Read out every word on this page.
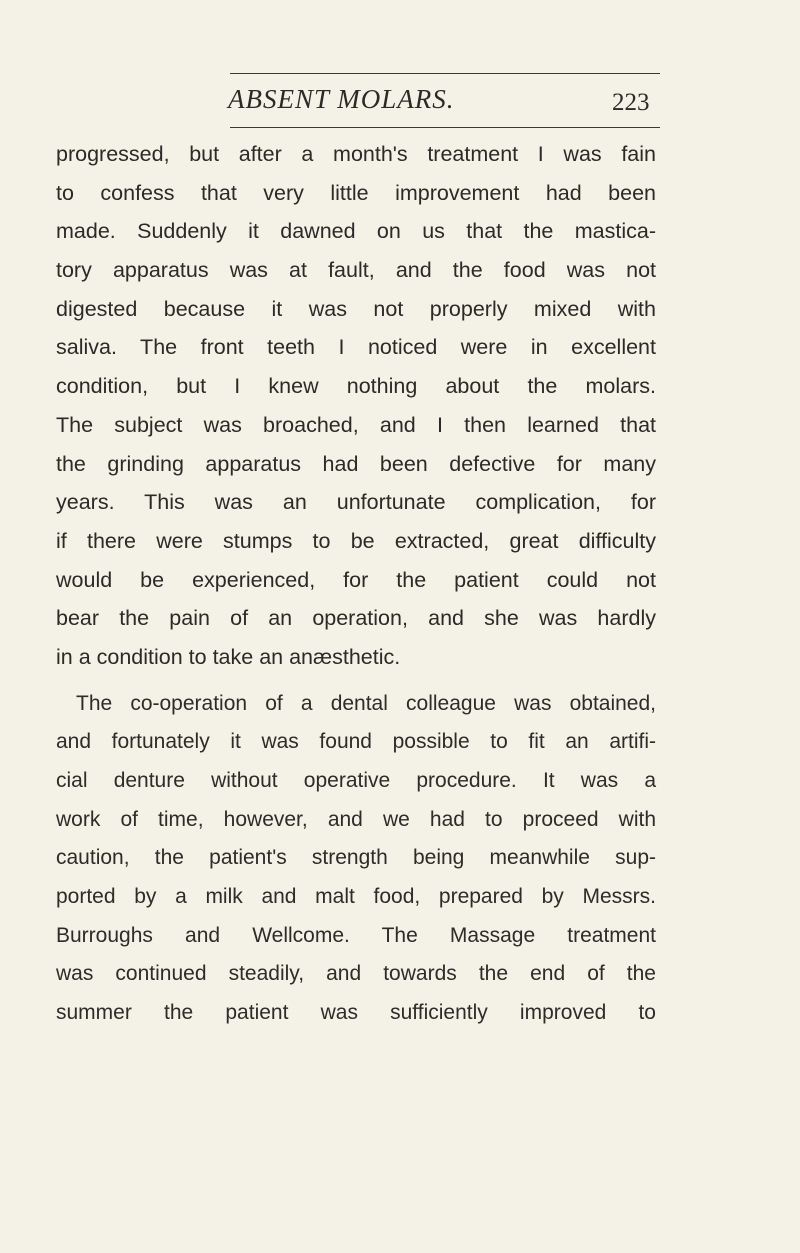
ABSENT MOLARS.	223
progressed, but after a month's treatment I was fain
to confess that very little improvement had been
made. Suddenly it dawned on us that the mastica-
tory apparatus was at fault, and the food was not
digested because it was not properly mixed with
saliva. The front teeth I noticed were in excellent
condition, but I knew nothing about the molars.
The subject was broached, and I then learned that
the grinding apparatus had been defective for many
years. This was an unfortunate complication, for
if there were stumps to be extracted, great difficulty
would be experienced, for the patient could not
bear the pain of an operation, and she was hardly
in a condition to take an anæsthetic.
The co-operation of a dental colleague was obtained,
and fortunately it was found possible to fit an artifi-
cial denture without operative procedure. It was a
work of time, however, and we had to proceed with
caution, the patient's strength being meanwhile sup-
ported by a milk and malt food, prepared by Messrs.
Burroughs and Wellcome. The Massage treatment
was continued steadily, and towards the end of the
summer the patient was sufficiently improved to
